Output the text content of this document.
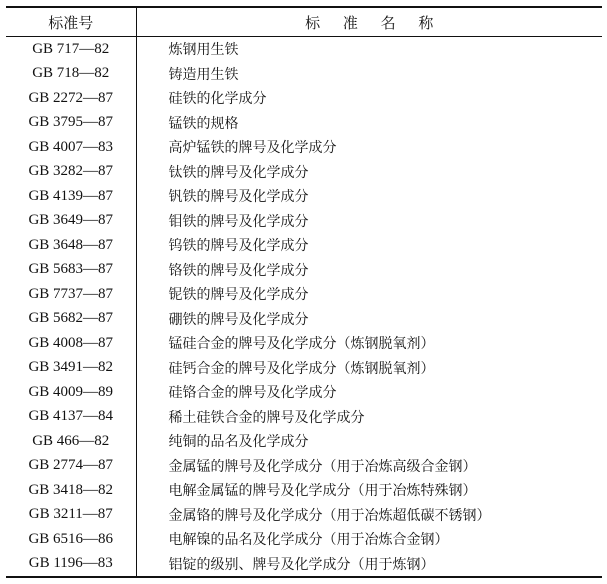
标准号	标 准 名 称
GB 717—82	炼钢用生铁
GB 718—82	铸造用生铁
GB 2272—87	硅铁的化学成分
GB 3795—87	锰铁的规格
GB 4007—83	高炉锰铁的牌号及化学成分
GB 3282—87	钛铁的牌号及化学成分
GB 4139—87	钒铁的牌号及化学成分
GB 3649—87	钼铁的牌号及化学成分
GB 3648—87	钨铁的牌号及化学成分
GB 5683—87	铬铁的牌号及化学成分
GB 7737—87	铌铁的牌号及化学成分
GB 5682—87	硼铁的牌号及化学成分
GB 4008—87	锰硅合金的牌号及化学成分（炼钢脱氧剂）
GB 3491—82	硅钙合金的牌号及化学成分（炼钢脱氧剂）
GB 4009—89	硅铬合金的牌号及化学成分
GB 4137—84	稀土硅铁合金的牌号及化学成分
GB 466—82	纯铜的品名及化学成分
GB 2774—87	金属锰的牌号及化学成分（用于冶炼高级合金钢）
GB 3418—82	电解金属锰的牌号及化学成分（用于冶炼特殊钢）
GB 3211—87	金属铬的牌号及化学成分（用于冶炼超低碳不锈钢）
GB 6516—86	电解镍的品名及化学成分（用于冶炼合金钢）
GB 1196—83	铝锭的级别、牌号及化学成分（用于炼钢）
